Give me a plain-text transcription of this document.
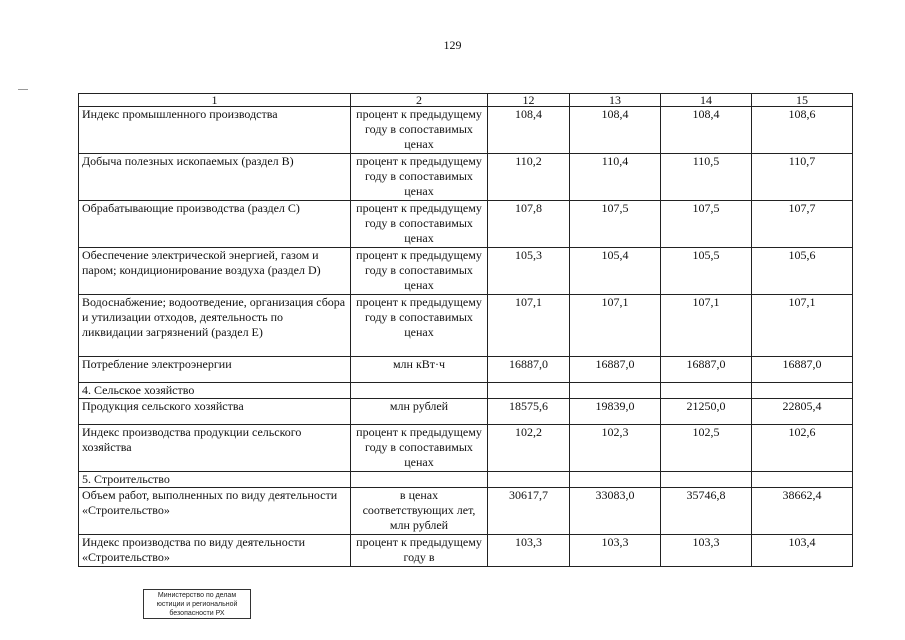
129
1	2	12	13	14	15
Индекс промышленного производства	процент к предыдущему году в сопоставимых ценах	108,4	108,4	108,4	108,6
Добыча полезных ископаемых (раздел B)	процент к предыдущему году в сопоставимых ценах	110,2	110,4	110,5	110,7
Обрабатывающие производства (раздел C)	процент к предыдущему году в сопоставимых ценах	107,8	107,5	107,5	107,7
Обеспечение электрической энергией, газом и паром; кондиционирование воздуха (раздел D)	процент к предыдущему году в сопоставимых ценах	105,3	105,4	105,5	105,6
Водоснабжение; водоотведение, организация сбора и утилизации отходов, деятельность по ликвидации загрязнений (раздел E)	процент к предыдущему году в сопоставимых ценах	107,1	107,1	107,1	107,1
Потребление электроэнергии	млн кВт·ч	16887,0	16887,0	16887,0	16887,0
4. Сельское хозяйство					
Продукция сельского хозяйства	млн рублей	18575,6	19839,0	21250,0	22805,4
Индекс производства продукции сельского хозяйства	процент к предыдущему году в сопоставимых ценах	102,2	102,3	102,5	102,6
5. Строительство					
Объем работ, выполненных по виду деятельности «Строительство»	в ценах соответствующих лет, млн рублей	30617,7	33083,0	35746,8	38662,4
Индекс производства по виду деятельности «Строительство»	процент к предыдущему году в	103,3	103,3	103,3	103,4
Министерство по делам
юстиции и региональной
безопасности РХ
